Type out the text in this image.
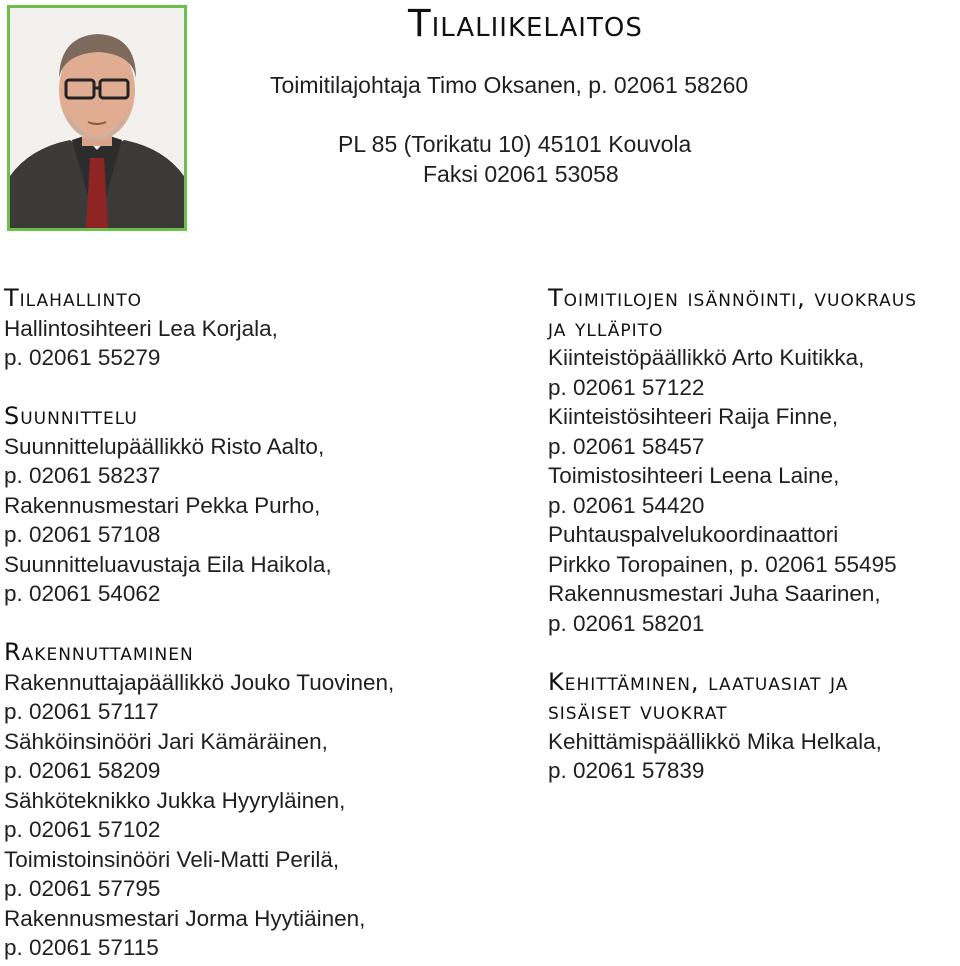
Tilaliikelaitos
Toimitilajohtaja Timo Oksanen, p. 02061 58260
PL 85 (Torikatu 10) 45101 Kouvola
Faksi 02061 53058

Tilahallinto

Hallintosihteeri Lea Korjala,

p. 02061 55279

Suunnittelu

Suunnittelupäällikkö Risto Aalto,

p. 02061 58237

Rakennusmestari Pekka Purho,

p. 02061 57108

Suunnitteluavustaja Eila Haikola,

p. 02061 54062

Rakennuttaminen

Rakennuttajapäällikkö Jouko Tuovinen,

p. 02061 57117

Sähköinsinööri Jari Kämäräinen,

p. 02061 58209

Sähköteknikko Jukka Hyyryläinen,

p. 02061 57102

Toimistoinsinööri Veli-Matti Perilä,

p. 02061 57795

Rakennusmestari Jorma Hyytiäinen,

p. 02061 57115

Toimitilojen isännöinti, vuokraus

ja ylläpito

Kiinteistöpäällikkö Arto Kuitikka,

p. 02061 57122

Kiinteistösihteeri Raija Finne,

p. 02061 58457

Toimistosihteeri Leena Laine,

p. 02061 54420

Puhtauspalvelukoordinaattori

Pirkko Toropainen, p. 02061 55495

Rakennusmestari Juha Saarinen,

p. 02061 58201

Kehittäminen, laatuasiat ja

sisäiset vuokrat

Kehittämispäällikkö Mika Helkala,

p. 02061 57839
